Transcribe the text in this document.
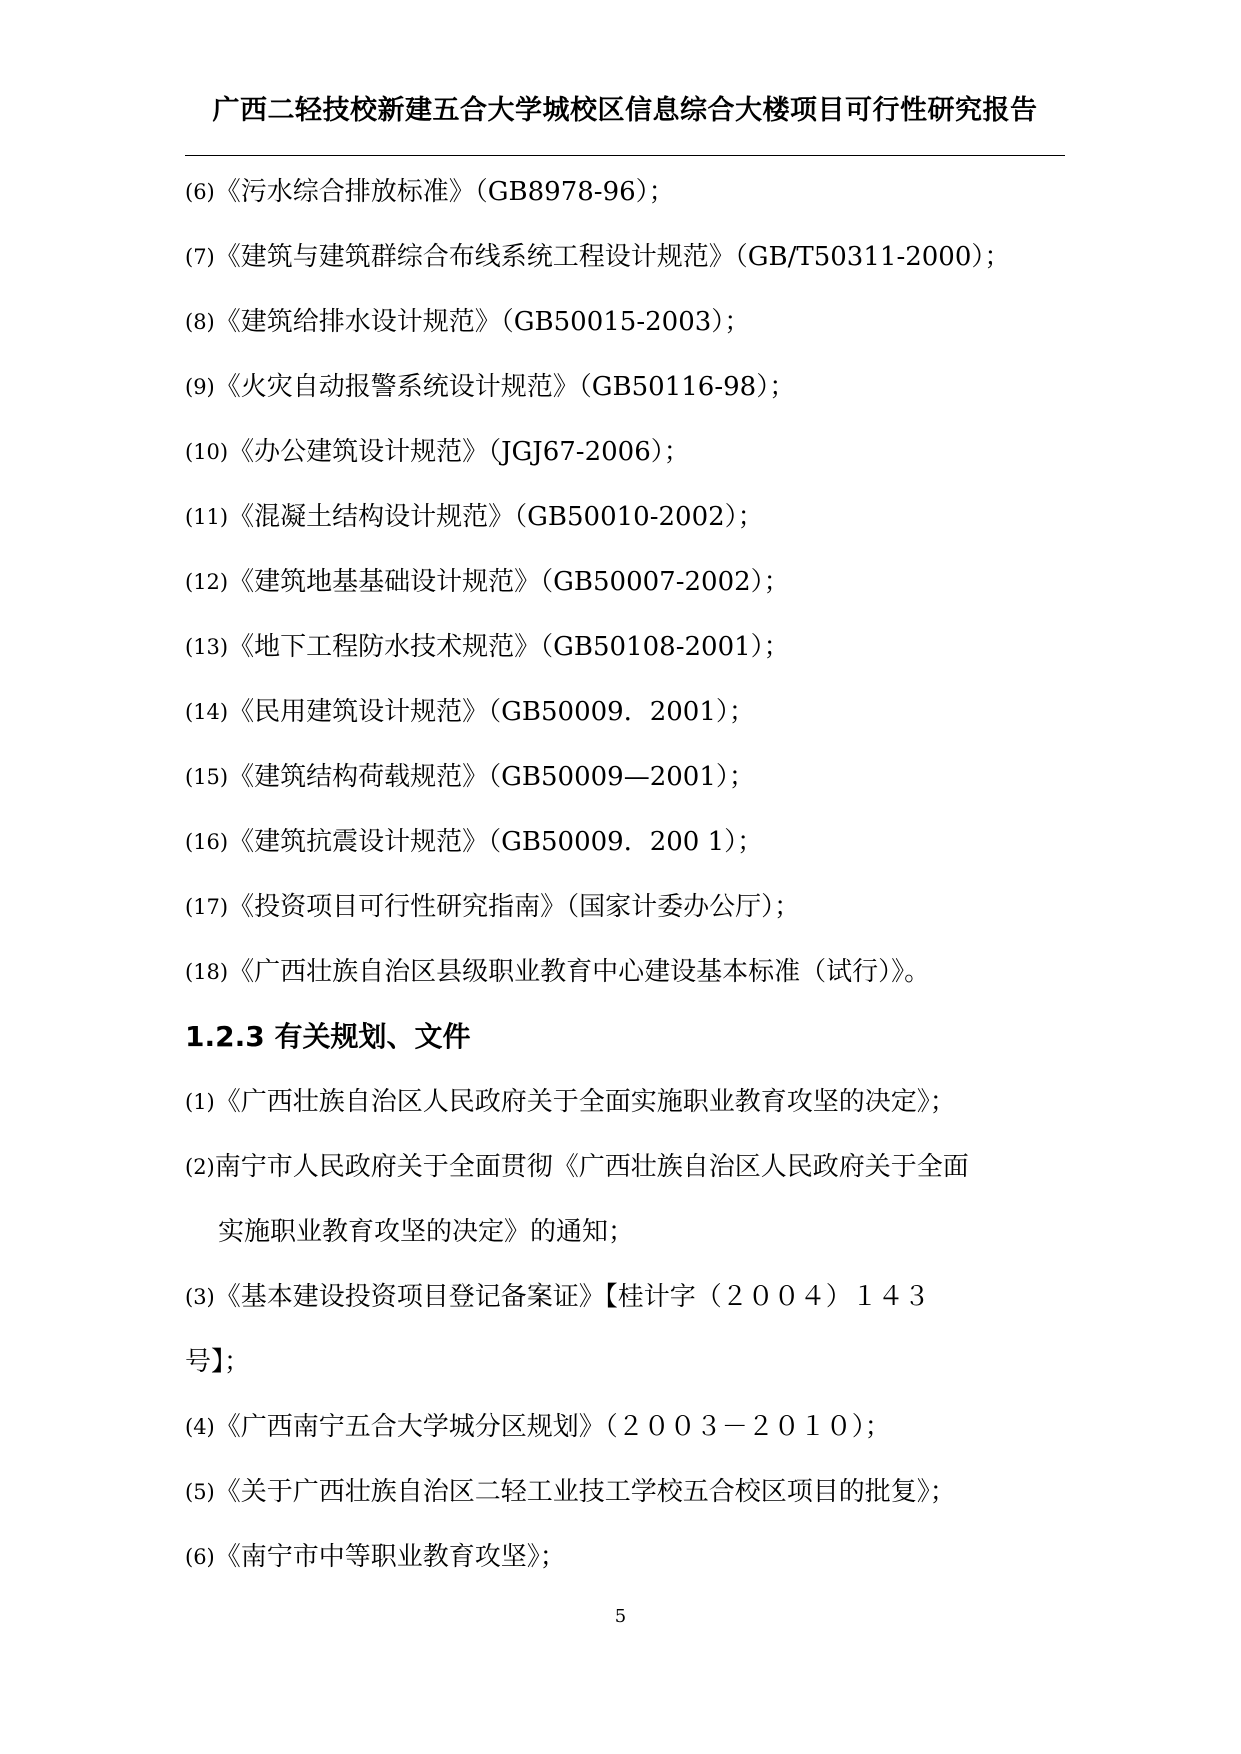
广西二轻技校新建五合大学城校区信息综合大楼项目可行性研究报告
(6)《污水综合排放标准》（GB8978-96）；
(7)《建筑与建筑群综合布线系统工程设计规范》（GB/T50311-2000）；
(8)《建筑给排水设计规范》（GB50015-2003）；
(9)《火灾自动报警系统设计规范》（GB50116-98）；
(10)《办公建筑设计规范》（JGJ67-2006）；
(11)《混凝土结构设计规范》（GB50010-2002）；
(12)《建筑地基基础设计规范》（GB50007-2002）；
(13)《地下工程防水技术规范》（GB50108-2001）；
(14)《民用建筑设计规范》（GB50009．2001）；
(15)《建筑结构荷载规范》（GB50009—2001）；
(16)《建筑抗震设计规范》（GB50009．200 1）；
(17)《投资项目可行性研究指南》（国家计委办公厅）；
(18)《广西壮族自治区县级职业教育中心建设基本标准（试行）》。
1.2.3 有关规划、文件
(1)《广西壮族自治区人民政府关于全面实施职业教育攻坚的决定》；
(2)南宁市人民政府关于全面贯彻《广西壮族自治区人民政府关于全面
实施职业教育攻坚的决定》的通知；
(3)《基本建设投资项目登记备案证》【桂计字（２００４）１４３
号】；
(4)《广西南宁五合大学城分区规划》（２００３－２０１０）；
(5)《关于广西壮族自治区二轻工业技工学校五合校区项目的批复》；
(6)《南宁市中等职业教育攻坚》；
5
